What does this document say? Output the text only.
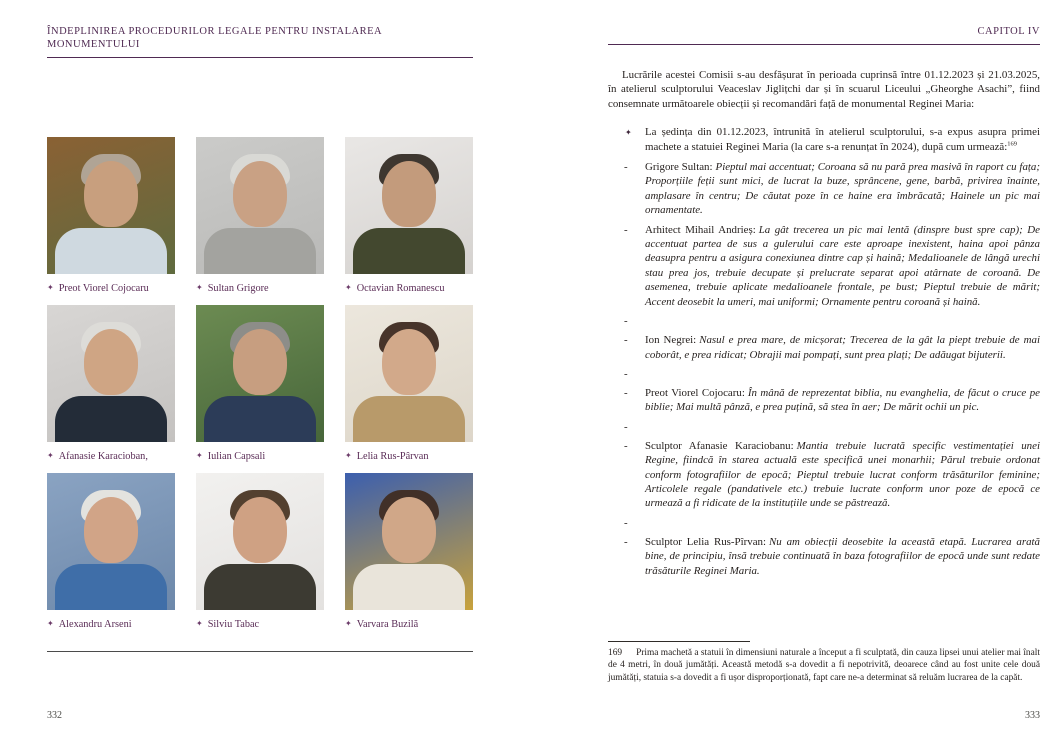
ÎNDEPLINIREA PROCEDURILOR LEGALE PENTRU INSTALAREA MONUMENTULUI
✦ Preot Viorel Cojocaru	✦ Sultan Grigore	✦ Octavian Romanescu
✦ Afanasie Karacioban,	✦ Iulian Capsali	✦ Lelia Rus-Pârvan
✦ Alexandru Arseni	✦ Silviu Tabac	✦ Varvara Buzilă
CAPITOL IV

Lucrările acestei Comisii s-au desfășurat în perioada cuprinsă între 01.12.2023 și 21.03.2025, în atelierul sculptorului Veaceslav Jiglițchi dar și în scuarul Liceului „Gheorghe Asachi”, fiind consemnate următoarele obiecții și recomandări față de monumental Reginei Maria:

✦ La ședința din 01.12.2023, întrunită în atelierul sculptorului, s-a expus asupra primei machete a statuiei Reginei Maria (la care s-a renunțat în 2024), după cum urmează:$^{169}$
- Grigore Sultan: Pieptul mai accentuat; Coroana să nu pară prea masivă în raport cu fața; Proporțiile feții sunt mici, de lucrat la buze, sprâncene, gene, barbă, privirea înainte, amplasare în centru; De căutat poze în ce haine era îmbrăcată; Hainele un pic mai ornamentate.
- Arhitect Mihail Andrieș: La gât trecerea un pic mai lentă (dinspre bust spre cap); De accentuat partea de sus a gulerului care este aproape inexistent, haina apoi pânza deasupra pentru a asigura conexiunea dintre cap și haină; Medalioanele de lângă urechi stau prea jos, trebuie decupate și prelucrate separat apoi atârnate de coroană. De asemenea, trebuie aplicate medalioanele frontale, pe bust; Pieptul trebuie de mărit; Accent deosebit la umeri, mai uniformi; Ornamente pentru coroană și haină.
-
- Ion Negrei: Nasul e prea mare, de micșorat; Trecerea de la gât la piept trebuie de mai coborât, e prea ridicat; Obrajii mai pompați, sunt prea plați; De adăugat bijuterii.
-
- Preot Viorel Cojocaru: În mână de reprezentat biblia, nu evanghelia, de făcut o cruce pe biblie; Mai multă pânză, e prea puțină, să stea în aer; De mărit ochii un pic.
-
- Sculptor Afanasie Karaciobanu: Mantia trebuie lucrată specific vestimentației unei Regine, fiindcă în starea actuală este specifică unei monarhii; Părul trebuie ordonat conform fotografiilor de epocă; Pieptul trebuie lucrat conform trăsăturilor feminine; Articolele regale (pandativele etc.) trebuie lucrate conform unor poze de epocă ce urmează a fi ridicate de la instituțiile unde se păstrează.
-
- Sculptor Lelia Rus-Pîrvan: Nu am obiecții deosebite la această etapă. Lucrarea arată bine, de principiu, însă trebuie continuată în baza fotografiilor de epocă unde sunt redate trăsăturile Reginei Maria.
169 Prima machetă a statuii în dimensiuni naturale a început a fi sculptată, din cauza lipsei unui atelier mai înalt de 4 metri, în două jumătăți. Această metodă s-a dovedit a fi nepotrivită, deoarece când au fost unite cele două jumătăți, statuia s-a dovedit a fi ușor disproporționată, fapt care ne-a determinat să reluăm lucrarea de la capăt.
332	333
